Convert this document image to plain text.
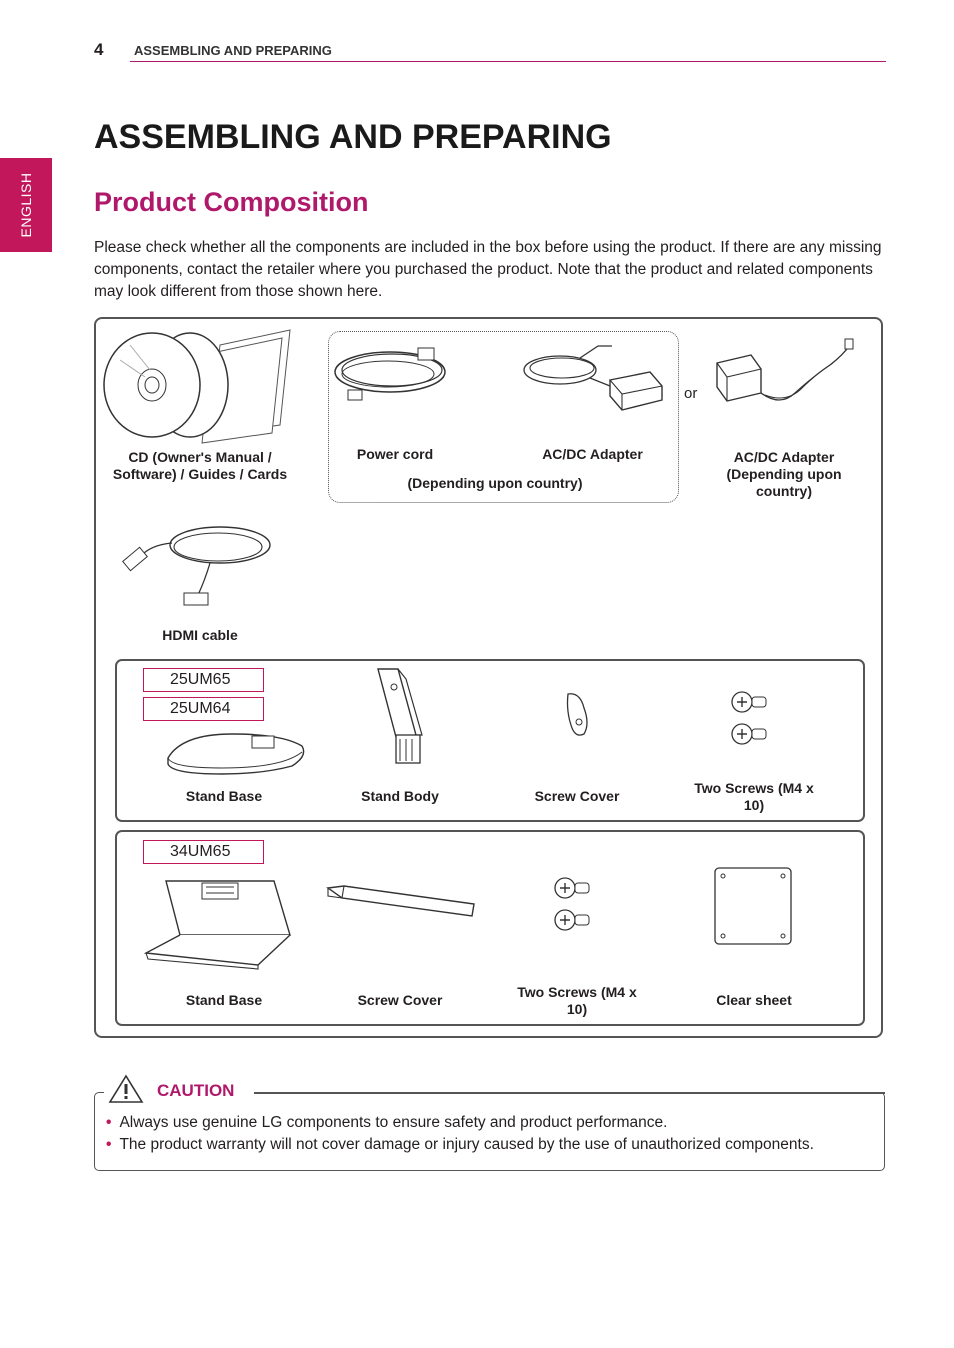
4 ASSEMBLING AND PREPARING
ENGLISH
ASSEMBLING AND PREPARING
Product Composition
Please check whether all the components are included in the box before using the product. If there are any missing components, contact the retailer where you purchased the product. Note that the product and related components may look different from those shown here.
CD (Owner's Manual / Software) / Guides / Cards
Power cord	AC/DC Adapter
(Depending upon country)
or
AC/DC Adapter (Depending upon country)
HDMI cable
25UM65
25UM64
Stand Base	Stand Body	Screw Cover	Two Screws (M4 x 10)
34UM65
Stand Base	Screw Cover	Two Screws (M4 x 10)
Clear sheet
CAUTION
• Always use genuine LG components to ensure safety and product performance.
• The product warranty will not cover damage or injury caused by the use of unauthorized components.
